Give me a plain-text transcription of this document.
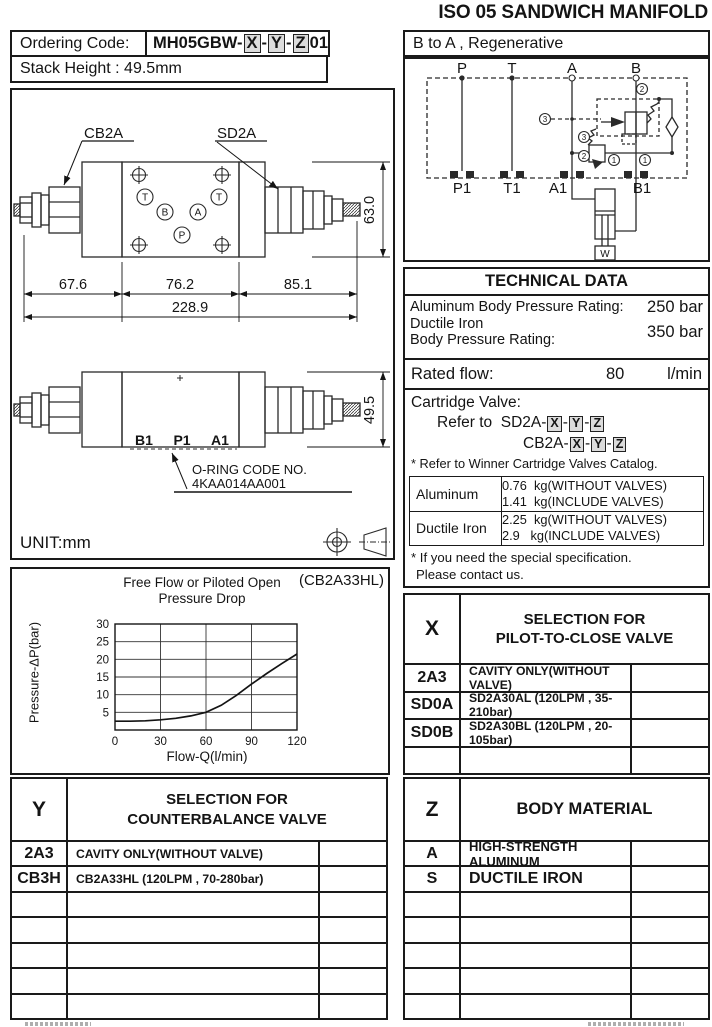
ISO 05 SANDWICH MANIFOLD
Ordering Code:	MH05GBW- X - Y - Z 01
Stack Height : 49.5mm
B to A , Regenerative
2
3
3
2	1	1
P	T	A	B
P1 T1 A1	B1
W
T	T
B	A
P
CB2A	SD2A
67.6	76.2	85.1
228.9
63.0
B1 P1 A1
O-RING CODE NO.
4KAA014AA001
49.5
UNIT:mm
Free Flow or Piloted Open
Pressure Drop
(CB2A33HL)
Pressure-ΔP(bar)
Flow-Q(l/min)
0	30	60	90	120
5
10
15
20
25
30
TECHNICAL DATA
Aluminum Body Pressure Rating: 250 bar
Ductile Iron
Body Pressure Rating:	350 bar
Rated flow:	80	l/min
Cartridge Valve:
Refer to SD2A- X - Y - Z
CB2A- X - Y - Z
* Refer to Winner Cartridge Valves Catalog.
Aluminum
0.76  kg(WITHOUT VALVES)
1.41  kg(INCLUDE VALVES)
Ductile Iron
2.25  kg(WITHOUT VALVES)
2.9   kg(INCLUDE VALVES)
* If you need the special specification.
Please contact us.
X	SELECTION FOR
PILOT-TO-CLOSE VALVE
2A3	CAVITY ONLY(WITHOUT VALVE)
SD0A	SD2A30AL (120LPM , 35-210bar)
SD0B	SD2A30BL (120LPM , 20-105bar)
Y	SELECTION FOR
COUNTERBALANCE VALVE
2A3	CAVITY ONLY(WITHOUT VALVE)
CB3H	CB2A33HL (120LPM , 70-280bar)
Z	BODY MATERIAL
A	HIGH-STRENGTH ALUMINUM
S	DUCTILE IRON
